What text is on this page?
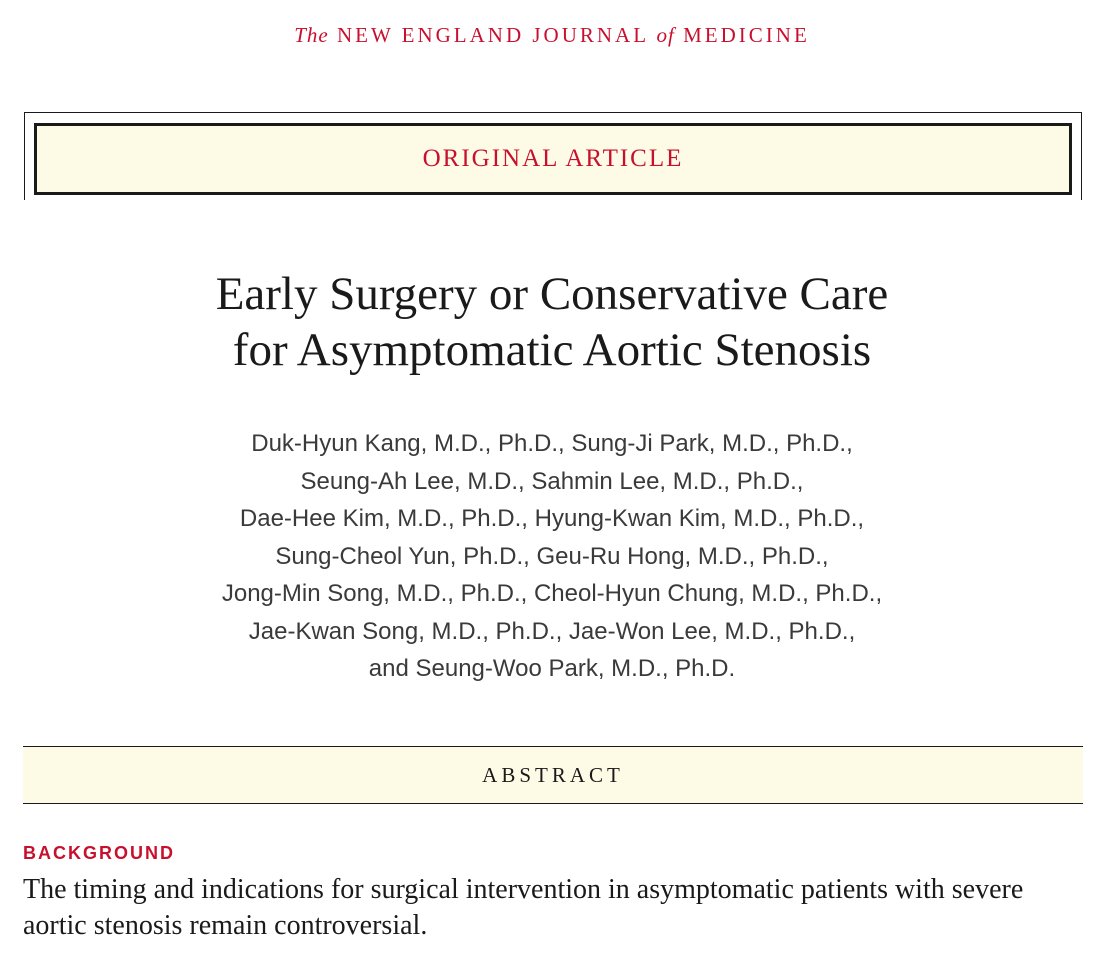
The NEW ENGLAND JOURNAL of MEDICINE
ORIGINAL ARTICLE
Early Surgery or Conservative Care
for Asymptomatic Aortic Stenosis
Duk-Hyun Kang, M.D., Ph.D., Sung-Ji Park, M.D., Ph.D.,
Seung-Ah Lee, M.D., Sahmin Lee, M.D., Ph.D.,
Dae-Hee Kim, M.D., Ph.D., Hyung-Kwan Kim, M.D., Ph.D.,
Sung-Cheol Yun, Ph.D., Geu-Ru Hong, M.D., Ph.D.,
Jong-Min Song, M.D., Ph.D., Cheol-Hyun Chung, M.D., Ph.D.,
Jae-Kwan Song, M.D., Ph.D., Jae-Won Lee, M.D., Ph.D.,
and Seung-Woo Park, M.D., Ph.D.
ABSTRACT
BACKGROUND

The timing and indications for surgical intervention in asymptomatic patients with severe aortic stenosis remain controversial.
